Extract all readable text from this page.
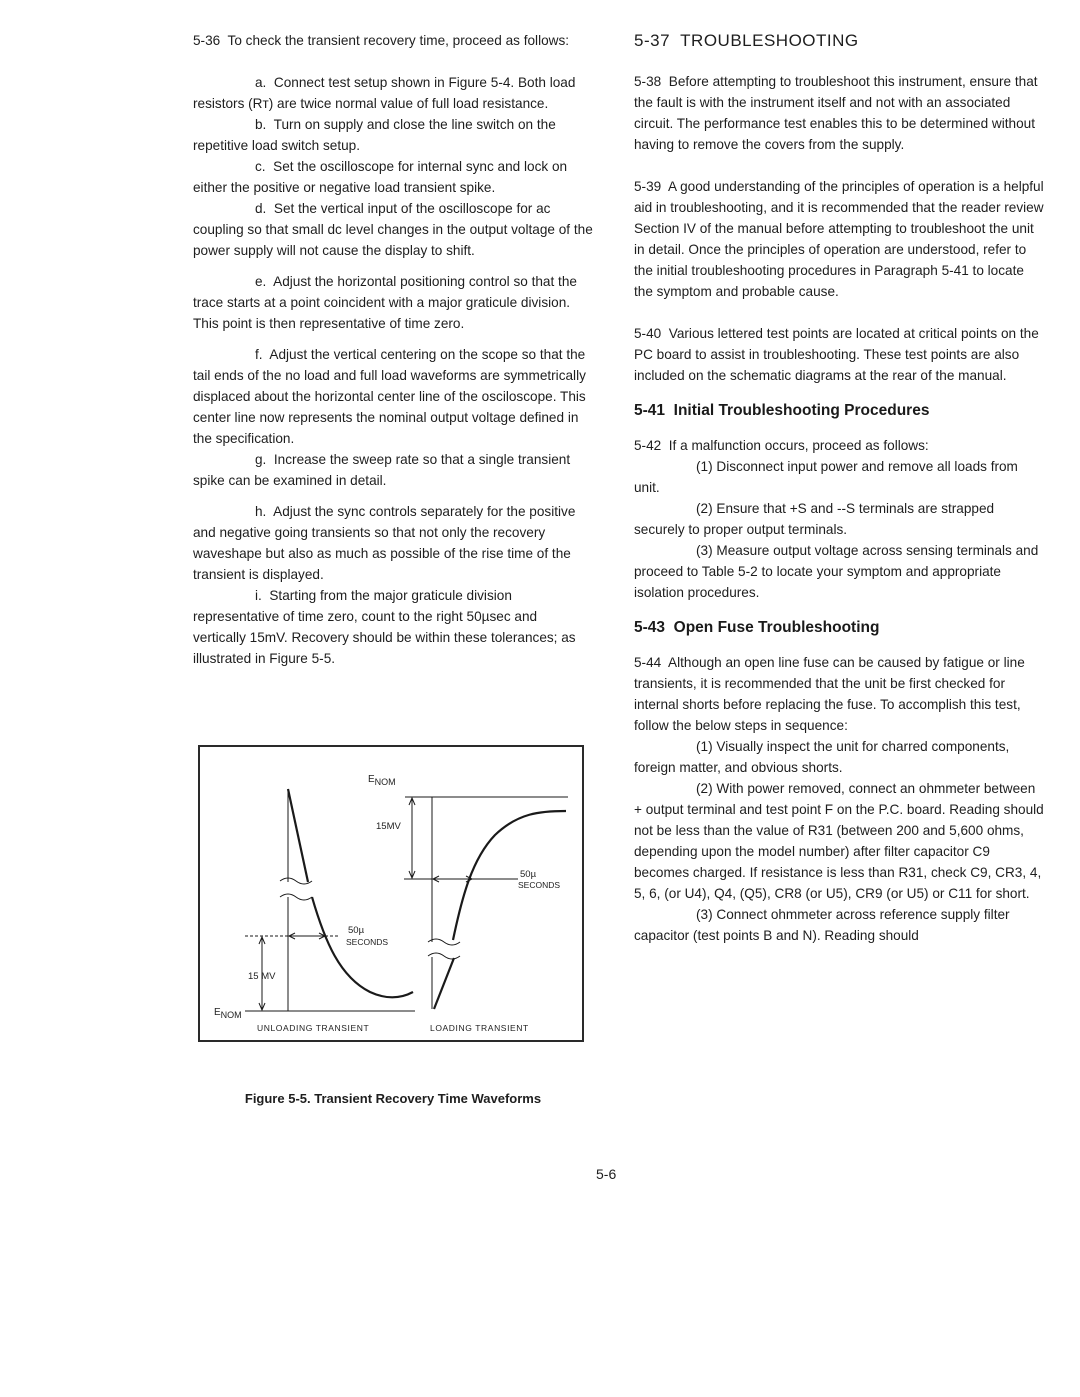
5-36 To check the transient recovery time, proceed as follows:

a. Connect test setup shown in Figure 5-4. Both load resistors (Rᴛ) are twice normal value of full load resistance.

b. Turn on supply and close the line switch on the repetitive load switch setup.

c. Set the oscilloscope for internal sync and lock on either the positive or negative load transient spike.

d. Set the vertical input of the oscilloscope for ac coupling so that small dc level changes in the output voltage of the power supply will not cause the display to shift.

e. Adjust the horizontal positioning control so that the trace starts at a point coincident with a major graticule division. This point is then representative of time zero.

f. Adjust the vertical centering on the scope so that the tail ends of the no load and full load waveforms are symmetrically displaced about the horizontal center line of the osciloscope. This center line now represents the nominal output voltage defined in the specification.

g. Increase the sweep rate so that a single transient spike can be examined in detail.

h. Adjust the sync controls separately for the positive and negative going transients so that not only the recovery waveshape but also as much as possible of the rise time of the transient is displayed.

i. Starting from the major graticule division representative of time zero, count to the right 50µsec and vertically 15mV. Recovery should be within these tolerances; as illustrated in Figure 5-5.

ENOM
15MV
50µ
SECONDS
50µ
SECONDS
15 MV
ENOM
UNLOADING TRANSIENT	LOADING TRANSIENT
Figure 5-5. Transient Recovery Time Waveforms
5-37 TROUBLESHOOTING

5-38 Before attempting to troubleshoot this instrument, ensure that the fault is with the instrument itself and not with an associated circuit. The performance test enables this to be determined without having to remove the covers from the supply.

5-39 A good understanding of the principles of operation is a helpful aid in troubleshooting, and it is recommended that the reader review Section IV of the manual before attempting to troubleshoot the unit in detail. Once the principles of operation are understood, refer to the initial troubleshooting procedures in Paragraph 5-41 to locate the symptom and probable cause.

5-40 Various lettered test points are located at critical points on the PC board to assist in troubleshooting. These test points are also included on the schematic diagrams at the rear of the manual.

5-41 Initial Troubleshooting Procedures

5-42 If a malfunction occurs, proceed as follows:

(1) Disconnect input power and remove all loads from unit.

(2) Ensure that +S and --S terminals are strapped securely to proper output terminals.

(3) Measure output voltage across sensing terminals and proceed to Table 5-2 to locate your symptom and appropriate isolation procedures.

5-43 Open Fuse Troubleshooting

5-44 Although an open line fuse can be caused by fatigue or line transients, it is recommended that the unit be first checked for internal shorts before replacing the fuse. To accomplish this test, follow the below steps in sequence:

(1) Visually inspect the unit for charred components, foreign matter, and obvious shorts.

(2) With power removed, connect an ohmmeter between + output terminal and test point F on the P.C. board. Reading should not be less than the value of R31 (between 200 and 5,600 ohms, depending upon the model number) after filter capacitor C9 becomes charged. If resistance is less than R31, check C9, CR3, 4, 5, 6, (or U4), Q4, (Q5), CR8 (or U5), CR9 (or U5) or C11 for short.

(3) Connect ohmmeter across reference supply filter capacitor (test points B and N). Reading should

5-6
